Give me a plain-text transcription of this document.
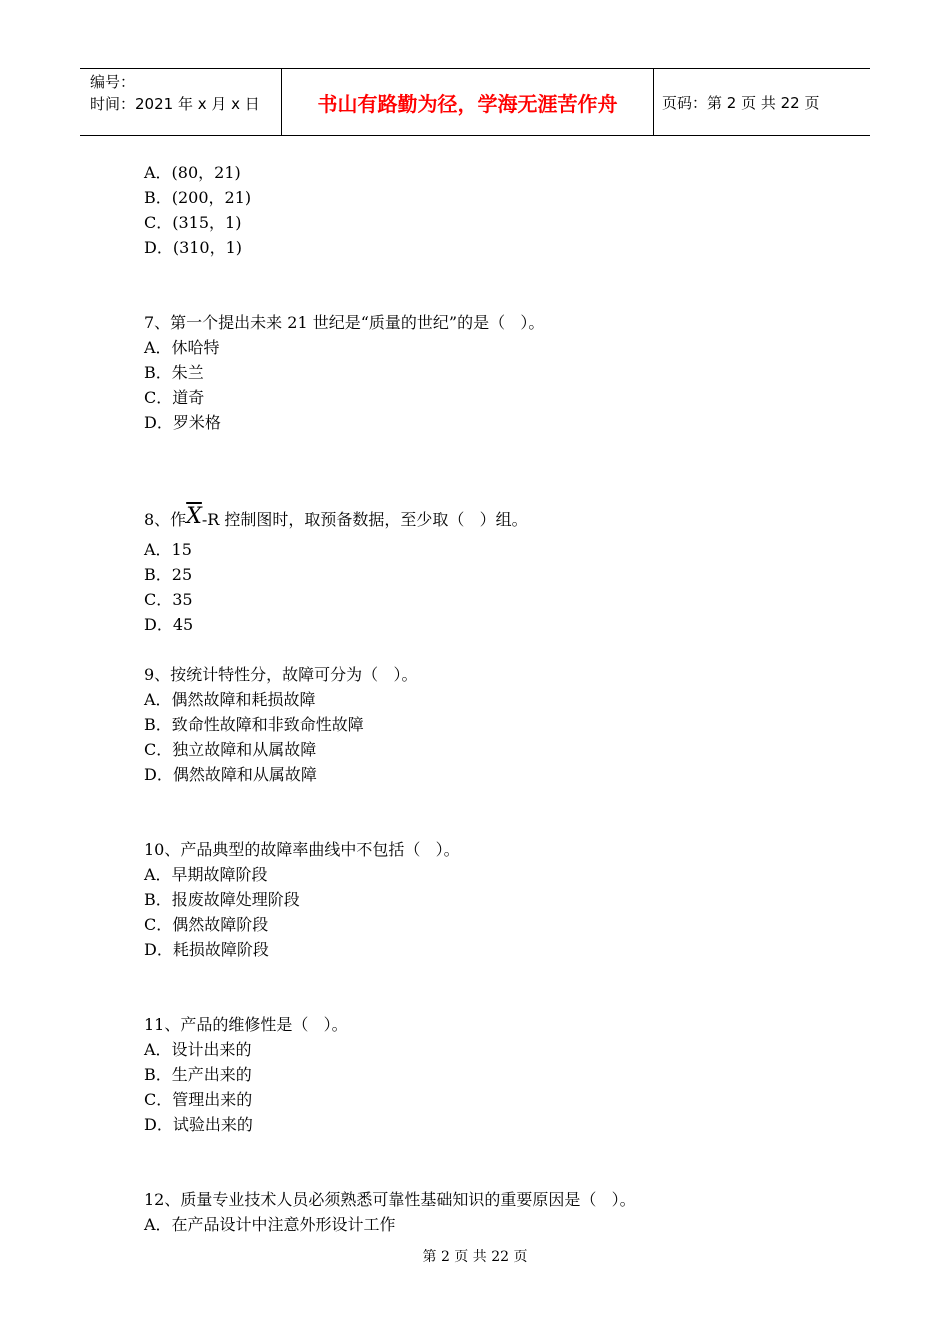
编号：
时间：2021 年 x 月 x 日	书山有路勤为径，学海无涯苦作舟	页码：第 2 页 共 22 页
A．(80，21)
B．(200，21)
C．(315，1)
D．(310，1)
7、第一个提出未来 21 世纪是“质量的世纪”的是（   ）。
A．休哈特
B．朱兰
C．道奇
D．罗米格
8、作$\overline{X}-R$ 控制图时，取预备数据，至少取（   ）组。
A．15
B．25
C．35
D．45
9、按统计特性分，故障可分为（   ）。
A．偶然故障和耗损故障
B．致命性故障和非致命性故障
C．独立故障和从属故障
D．偶然故障和从属故障
10、产品典型的故障率曲线中不包括（   ）。
A．早期故障阶段
B．报废故障处理阶段
C．偶然故障阶段
D．耗损故障阶段
11、产品的维修性是（   ）。
A．设计出来的
B．生产出来的
C．管理出来的
D．试验出来的
12、质量专业技术人员必须熟悉可靠性基础知识的重要原因是（   ）。
A．在产品设计中注意外形设计工作
第 2 页 共 22 页
